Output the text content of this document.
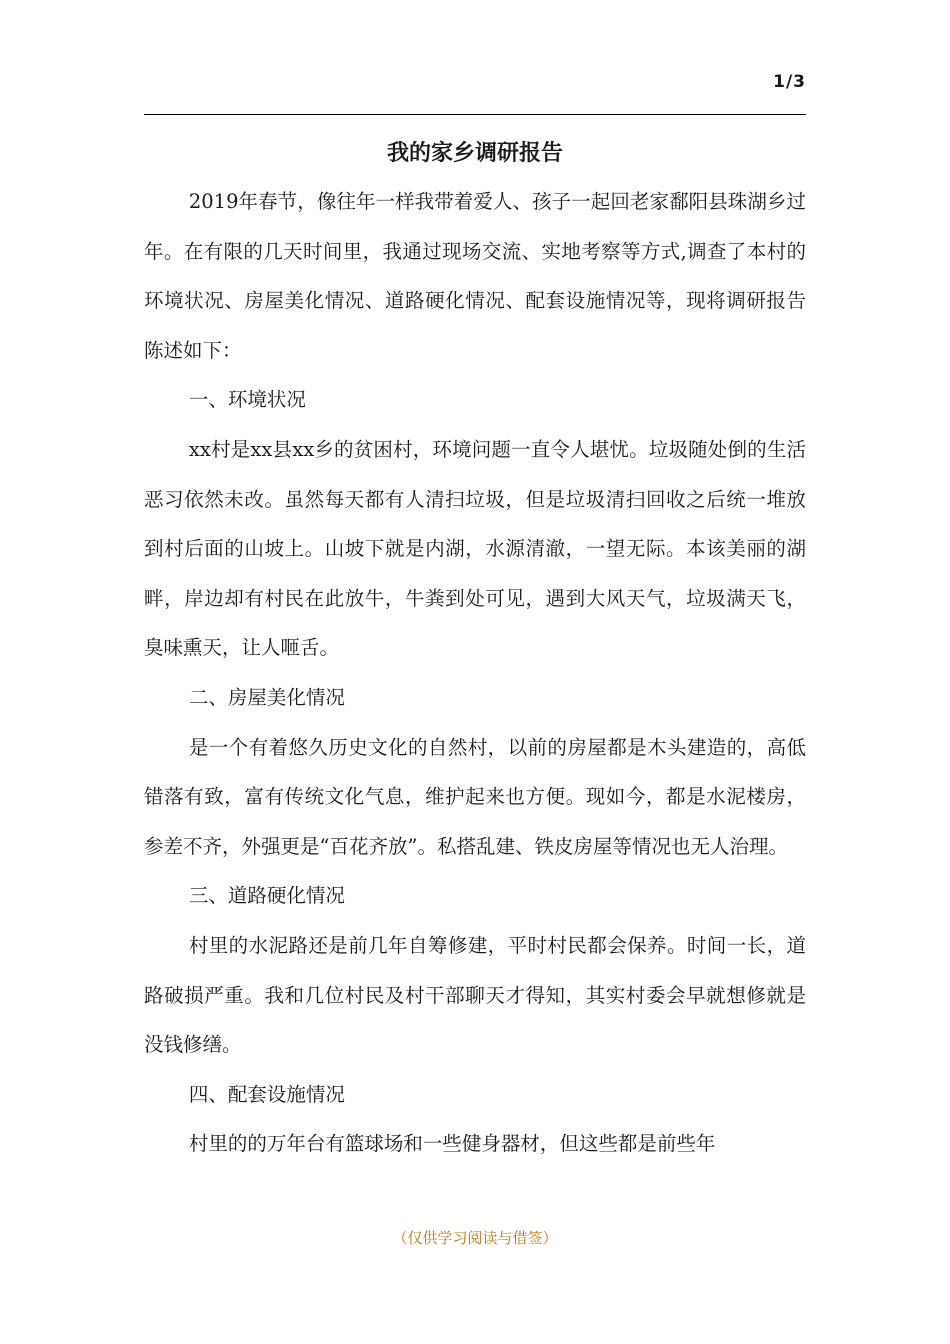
1/3
我的家乡调研报告

2019年春节，像往年一样我带着爱人、孩子一起回老家鄱阳县珠湖乡过年。在有限的几天时间里，我通过现场交流、实地考察等方式,调查了本村的环境状况、房屋美化情况、道路硬化情况、配套设施情况等，现将调研报告陈述如下：

一、环境状况

xx村是xx县xx乡的贫困村，环境问题一直令人堪忧。垃圾随处倒的生活恶习依然未改。虽然每天都有人清扫垃圾，但是垃圾清扫回收之后统一堆放到村后面的山坡上。山坡下就是内湖，水源清澈，一望无际。本该美丽的湖畔，岸边却有村民在此放牛，牛粪到处可见，遇到大风天气，垃圾满天飞，臭味熏天，让人咂舌。

二、房屋美化情况

是一个有着悠久历史文化的自然村，以前的房屋都是木头建造的，高低错落有致，富有传统文化气息，维护起来也方便。现如今，都是水泥楼房，参差不齐，外强更是“百花齐放”。私搭乱建、铁皮房屋等情况也无人治理。

三、道路硬化情况

村里的水泥路还是前几年自筹修建，平时村民都会保养。时间一长，道路破损严重。我和几位村民及村干部聊天才得知，其实村委会早就想修就是没钱修缮。

四、配套设施情况

村里的的万年台有篮球场和一些健身器材，但这些都是前些年

（仅供学习阅读与借签）
